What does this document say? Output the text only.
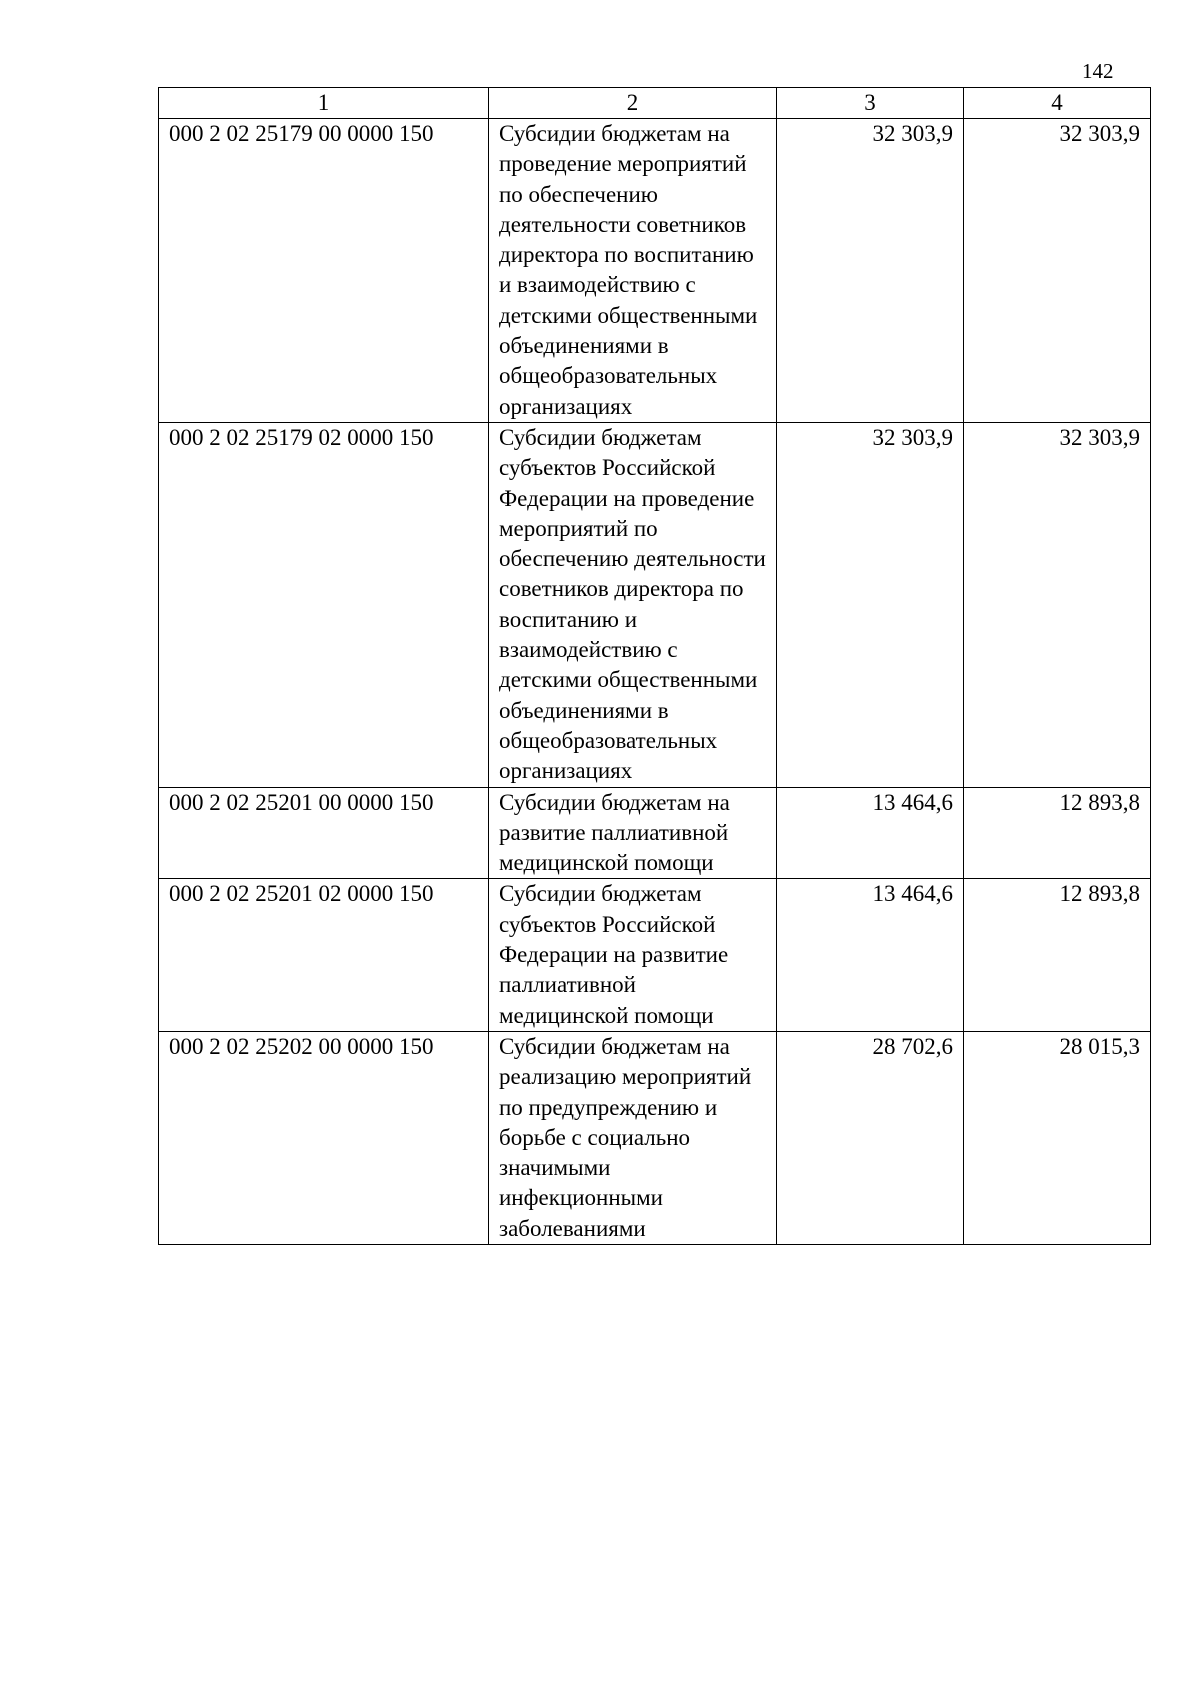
142
1	2	3	4
000 2 02 25179 00 0000 150	Субсидии бюджетам на проведение мероприятий по обеспечению деятельности советников директора по воспитанию и взаимодействию с детскими общественными объединениями в общеобразовательных организациях	32 303,9	32 303,9
000 2 02 25179 02 0000 150	Субсидии бюджетам субъектов Российской Федерации на проведение мероприятий по обеспечению деятельности советников директора по воспитанию и взаимодействию с детскими общественными объединениями в общеобразовательных организациях	32 303,9	32 303,9
000 2 02 25201 00 0000 150	Субсидии бюджетам на развитие паллиативной медицинской помощи	13 464,6	12 893,8
000 2 02 25201 02 0000 150	Субсидии бюджетам субъектов Российской Федерации на развитие паллиативной медицинской помощи	13 464,6	12 893,8
000 2 02 25202 00 0000 150	Субсидии бюджетам на реализацию мероприятий по предупреждению и борьбе с социально значимыми инфекционными заболеваниями	28 702,6	28 015,3
